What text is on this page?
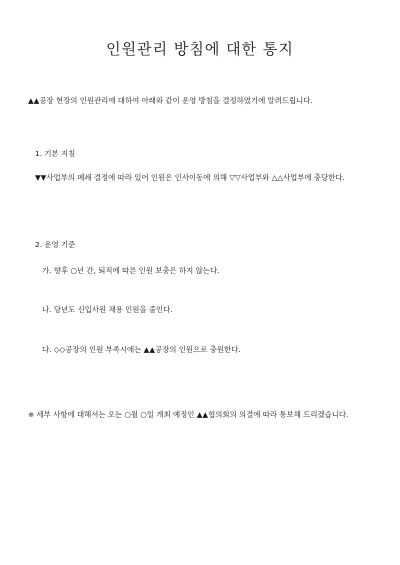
인원관리 방침에 대한 통지
▲▲공장 현장의 인원관리에 대하여 아래와 같이 운영 방침을 결정하였기에 알려드립니다.
1. 기본 지침
▼▼사업부의 폐쇄 결정에 따라 있어 인원은 인사이동에 의해 ▽▽사업부와 △△사업부에 충당한다.
2. 운영 기준
가. 향후 ○년 간, 퇴직에 따른 인원 보충은 하지 않는다.
나. 당년도 신입사원 채용 인원을 줄인다.
다. ◇◇공장의 인원 부족시에는 ▲▲공장의 인원으로 충원한다.
※ 세부 사항에 대해서는 오는 ○월 ○일 개최 예정인 ▲▲협의회의 의결에 따라 통보해 드리겠습니다.
